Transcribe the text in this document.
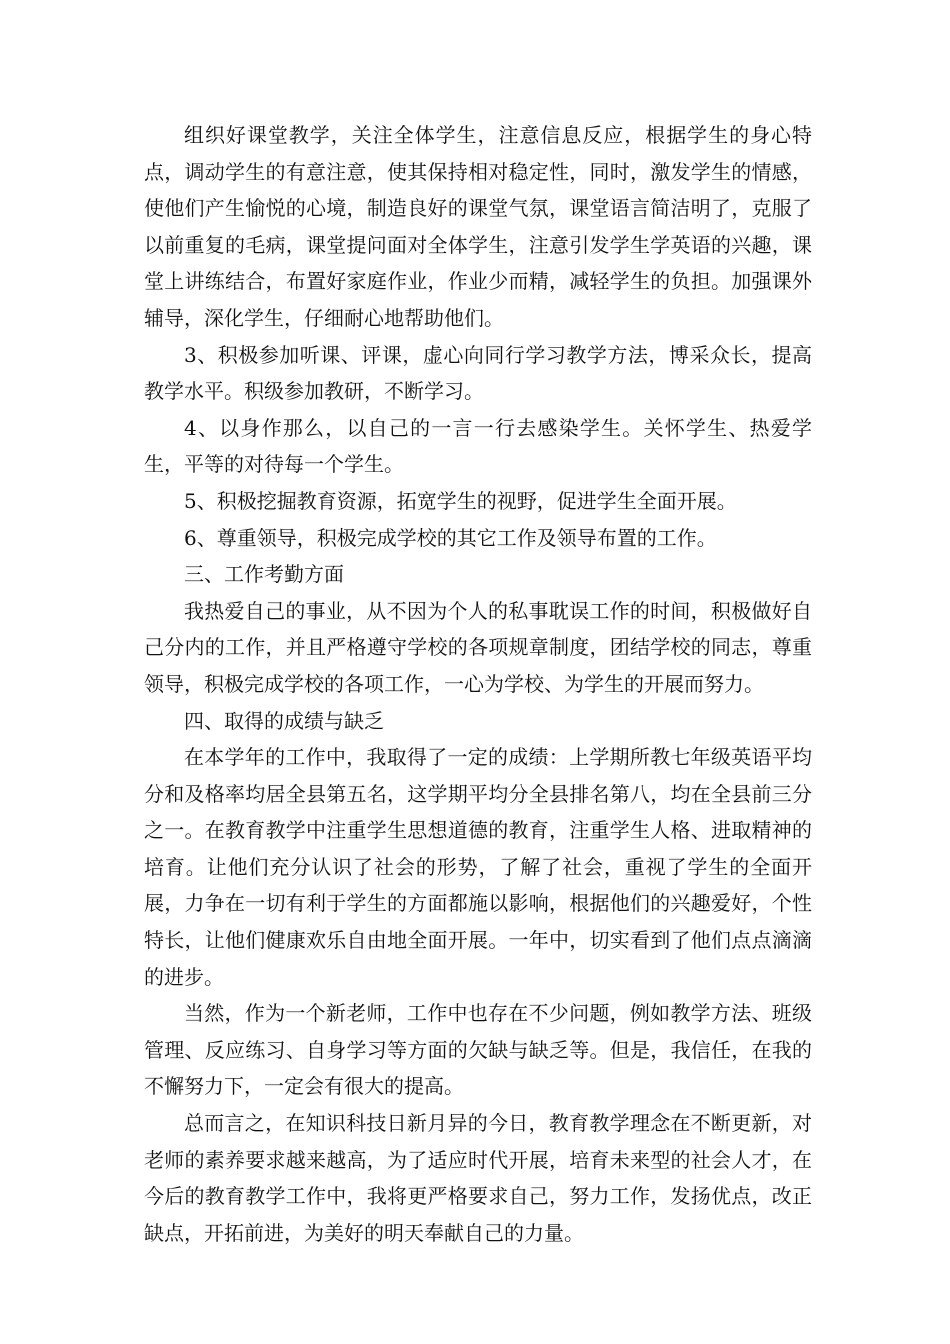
组织好课堂教学，关注全体学生，注意信息反应，根据学生的身心特点，调动学生的有意注意，使其保持相对稳定性，同时，激发学生的情感，使他们产生愉悦的心境，制造良好的课堂气氛，课堂语言简洁明了，克服了以前重复的毛病，课堂提问面对全体学生，注意引发学生学英语的兴趣，课堂上讲练结合，布置好家庭作业，作业少而精，减轻学生的负担。加强课外辅导，深化学生，仔细耐心地帮助他们。

3、积极参加听课、评课，虚心向同行学习教学方法，博采众长，提高教学水平。积级参加教研，不断学习。

4、以身作那么，以自己的一言一行去感染学生。关怀学生、热爱学生，平等的对待每一个学生。

5、积极挖掘教育资源，拓宽学生的视野，促进学生全面开展。

6、尊重领导，积极完成学校的其它工作及领导布置的工作。

三、工作考勤方面

我热爱自己的事业，从不因为个人的私事耽误工作的时间，积极做好自己分内的工作，并且严格遵守学校的各项规章制度，团结学校的同志，尊重领导，积极完成学校的各项工作，一心为学校、为学生的开展而努力。

四、取得的成绩与缺乏

在本学年的工作中，我取得了一定的成绩：上学期所教七年级英语平均分和及格率均居全县第五名，这学期平均分全县排名第八，均在全县前三分之一。在教育教学中注重学生思想道德的教育，注重学生人格、进取精神的培育。让他们充分认识了社会的形势，了解了社会，重视了学生的全面开展，力争在一切有利于学生的方面都施以影响，根据他们的兴趣爱好，个性特长，让他们健康欢乐自由地全面开展。一年中，切实看到了他们点点滴滴的进步。

当然，作为一个新老师，工作中也存在不少问题，例如教学方法、班级管理、反应练习、自身学习等方面的欠缺与缺乏等。但是，我信任，在我的不懈努力下，一定会有很大的提高。

总而言之，在知识科技日新月异的今日，教育教学理念在不断更新，对老师的素养要求越来越高，为了适应时代开展，培育未来型的社会人才，在今后的教育教学工作中，我将更严格要求自己，努力工作，发扬优点，改正缺点，开拓前进，为美好的明天奉献自己的力量。
